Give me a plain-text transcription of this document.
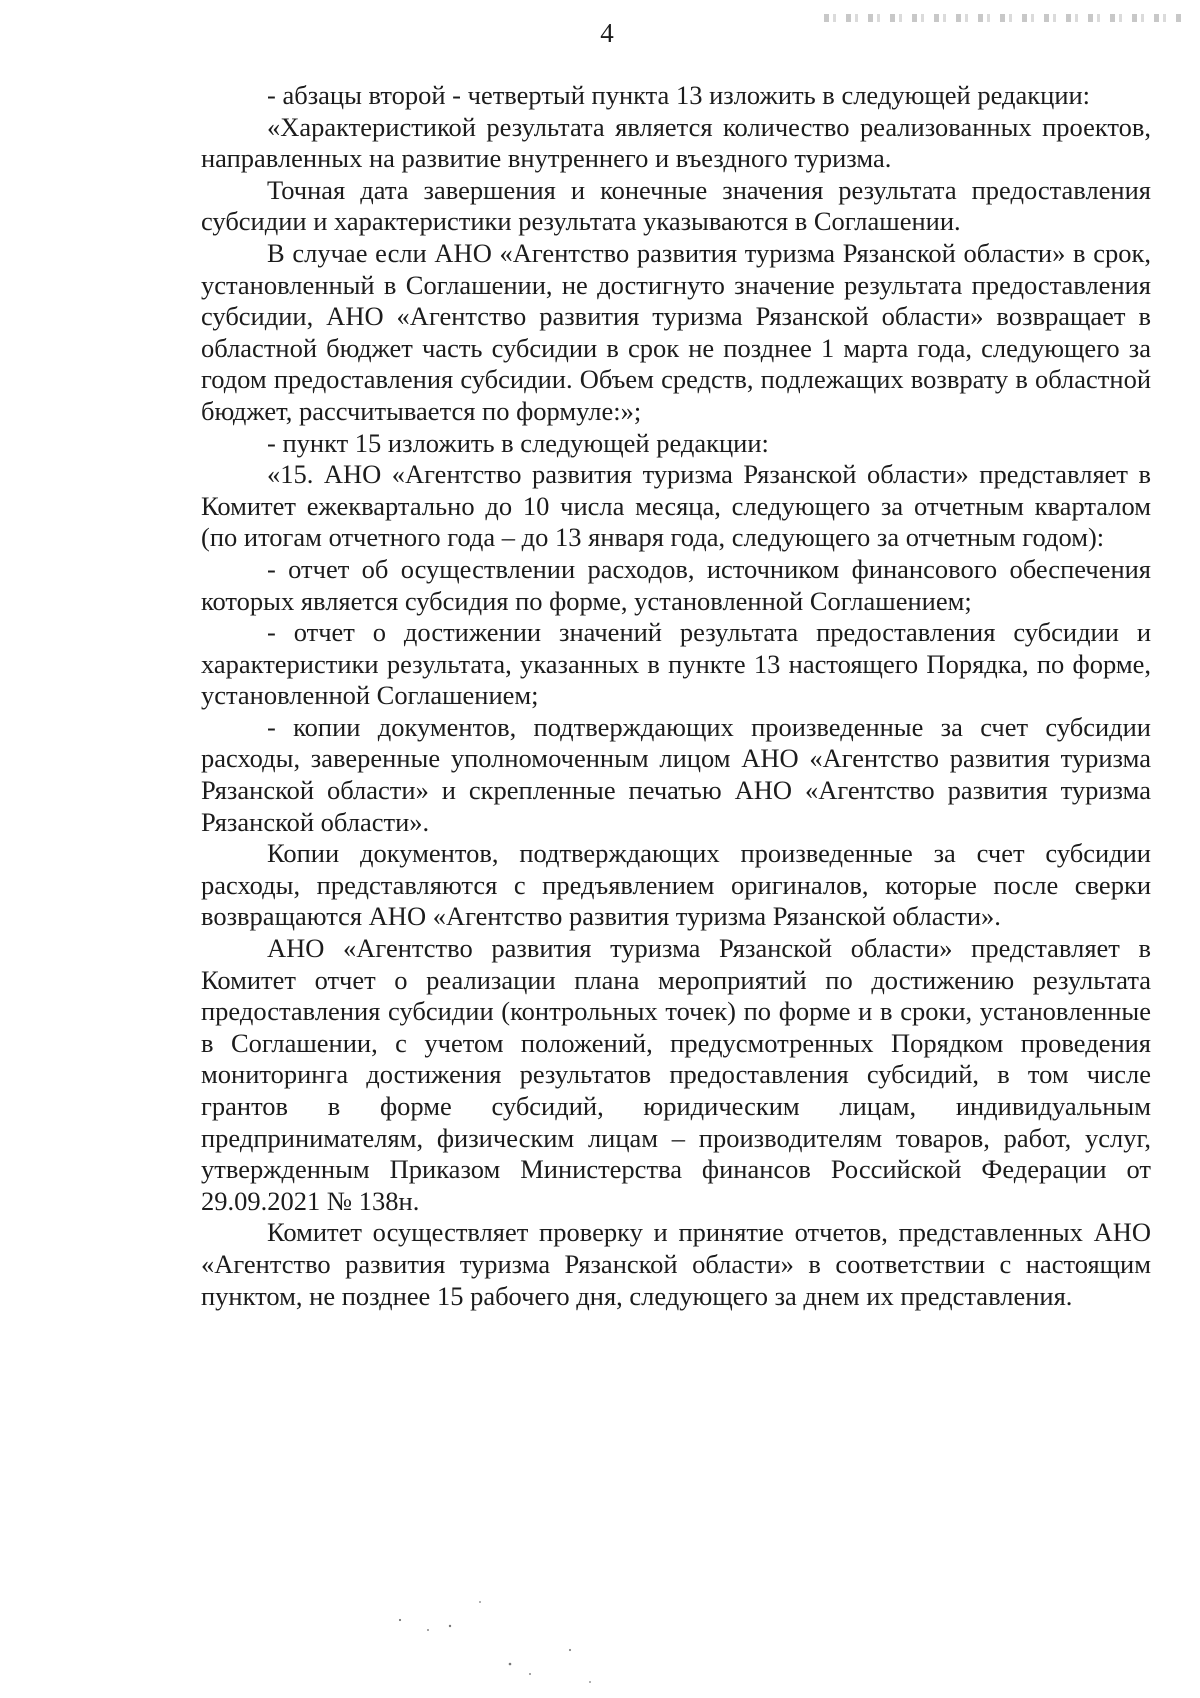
4

- абзацы второй - четвертый пункта 13 изложить в следующей редакции:

«Характеристикой результата является количество реализованных проектов, направленных на развитие внутреннего и въездного туризма.

Точная дата завершения и конечные значения результата предоставления субсидии и характеристики результата указываются в Соглашении.

В случае если АНО «Агентство развития туризма Рязанской области» в срок, установленный в Соглашении, не достигнуто значение результата предоставления субсидии, АНО «Агентство развития туризма Рязанской области» возвращает в областной бюджет часть субсидии в срок не позднее 1 марта года, следующего за годом предоставления субсидии. Объем средств, подлежащих возврату в областной бюджет, рассчитывается по формуле:»;

- пункт 15 изложить в следующей редакции:

«15. АНО «Агентство развития туризма Рязанской области» представляет в Комитет ежеквартально до 10 числа месяца, следующего за отчетным кварталом (по итогам отчетного года – до 13 января года, следующего за отчетным годом):

- отчет об осуществлении расходов, источником финансового обеспечения которых является субсидия по форме, установленной Соглашением;

- отчет о достижении значений результата предоставления субсидии и характеристики результата, указанных в пункте 13 настоящего Порядка, по форме, установленной Соглашением;

- копии документов, подтверждающих произведенные за счет субсидии расходы, заверенные уполномоченным лицом АНО «Агентство развития туризма Рязанской области» и скрепленные печатью АНО «Агентство развития туризма Рязанской области».

Копии документов, подтверждающих произведенные за счет субсидии расходы, представляются с предъявлением оригиналов, которые после сверки возвращаются АНО «Агентство развития туризма Рязанской области».

АНО «Агентство развития туризма Рязанской области» представляет в Комитет отчет о реализации плана мероприятий по достижению результата предоставления субсидии (контрольных точек) по форме и в сроки, установленные в Соглашении, с учетом положений, предусмотренных Порядком проведения мониторинга достижения результатов предоставления субсидий, в том числе грантов в форме субсидий, юридическим лицам, индивидуальным предпринимателям, физическим лицам – производителям товаров, работ, услуг, утвержденным Приказом Министерства финансов Российской Федерации от 29.09.2021 № 138н.

Комитет осуществляет проверку и принятие отчетов, представленных АНО «Агентство развития туризма Рязанской области» в соответствии с настоящим пунктом, не позднее 15 рабочего дня, следующего за днем их представления.
